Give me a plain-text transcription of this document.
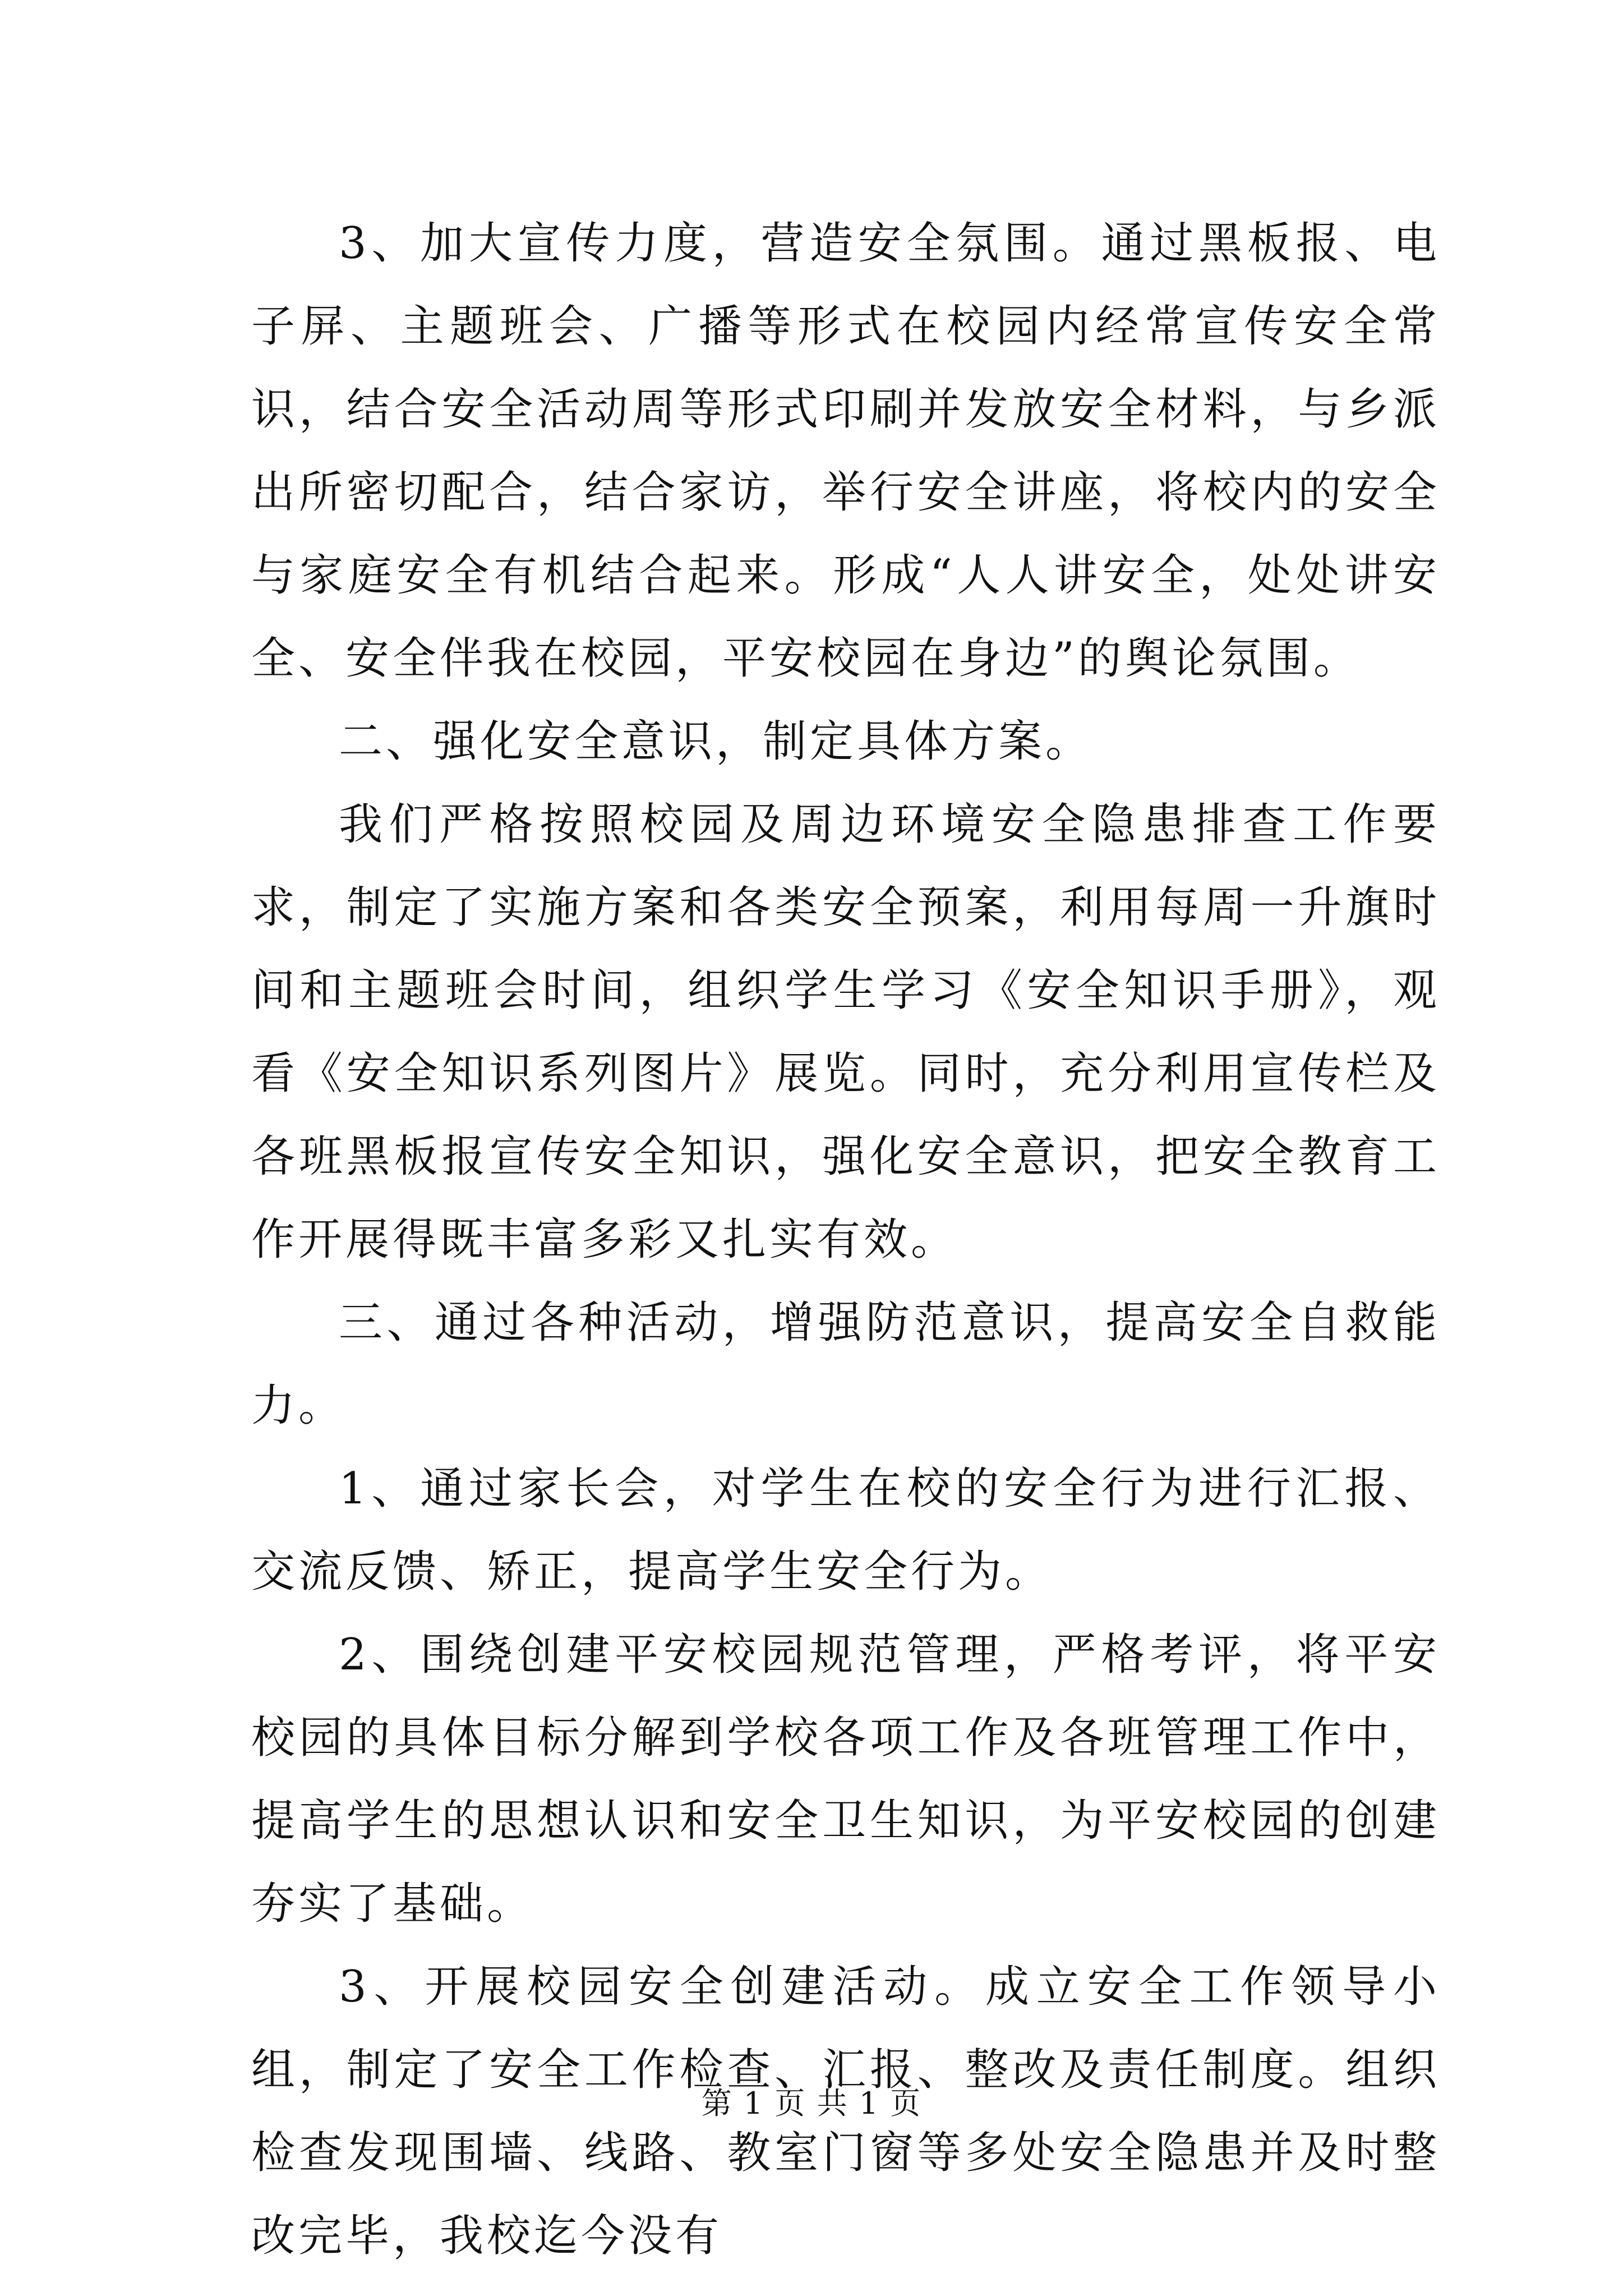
3、加大宣传力度，营造安全氛围。通过黑板报、电子屏、主题班会、广播等形式在校园内经常宣传安全常识，结合安全活动周等形式印刷并发放安全材料，与乡派出所密切配合，结合家访，举行安全讲座，将校内的安全与家庭安全有机结合起来。形成“人人讲安全，处处讲安全、安全伴我在校园，平安校园在身边”的舆论氛围。

二、强化安全意识，制定具体方案。

我们严格按照校园及周边环境安全隐患排查工作要求，制定了实施方案和各类安全预案，利用每周一升旗时间和主题班会时间，组织学生学习《安全知识手册》，观看《安全知识系列图片》展览。同时，充分利用宣传栏及各班黑板报宣传安全知识，强化安全意识，把安全教育工作开展得既丰富多彩又扎实有效。

三、通过各种活动，增强防范意识，提高安全自救能力。

1、通过家长会，对学生在校的安全行为进行汇报、交流反馈、矫正，提高学生安全行为。

2、围绕创建平安校园规范管理，严格考评，将平安校园的具体目标分解到学校各项工作及各班管理工作中，提高学生的思想认识和安全卫生知识，为平安校园的创建夯实了基础。

3、开展校园安全创建活动。成立安全工作领导小组，制定了安全工作检查、汇报、整改及责任制度。组织检查发现围墙、线路、教室门窗等多处安全隐患并及时整改完毕，我校迄今没有

第 1 页 共 1 页
